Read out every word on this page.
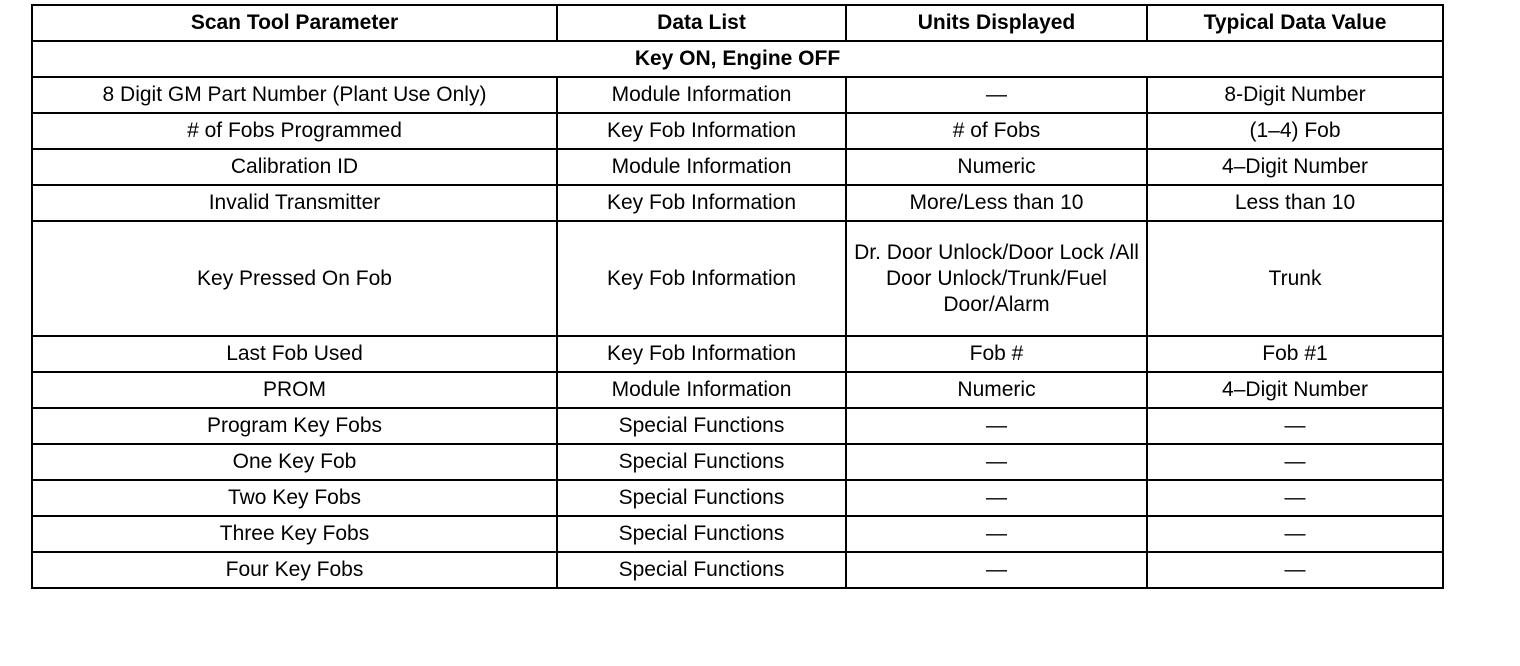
Scan Tool Parameter	Data List	Units Displayed	Typical Data Value
Key ON, Engine OFF			
8 Digit GM Part Number (Plant Use Only)	Module Information	—	8-Digit Number
# of Fobs Programmed	Key Fob Information	# of Fobs	(1–4) Fob
Calibration ID	Module Information	Numeric	4–Digit Number
Invalid Transmitter	Key Fob Information	More/Less than 10	Less than 10
Key Pressed On Fob	Key Fob Information	Dr. Door Unlock/Door Lock /All Door Unlock/Trunk/Fuel Door/Alarm	Trunk
Last Fob Used	Key Fob Information	Fob #	Fob #1
PROM	Module Information	Numeric	4–Digit Number
Program Key Fobs	Special Functions	—	—
One Key Fob	Special Functions	—	—
Two Key Fobs	Special Functions	—	—
Three Key Fobs	Special Functions	—	—
Four Key Fobs	Special Functions	—	—
